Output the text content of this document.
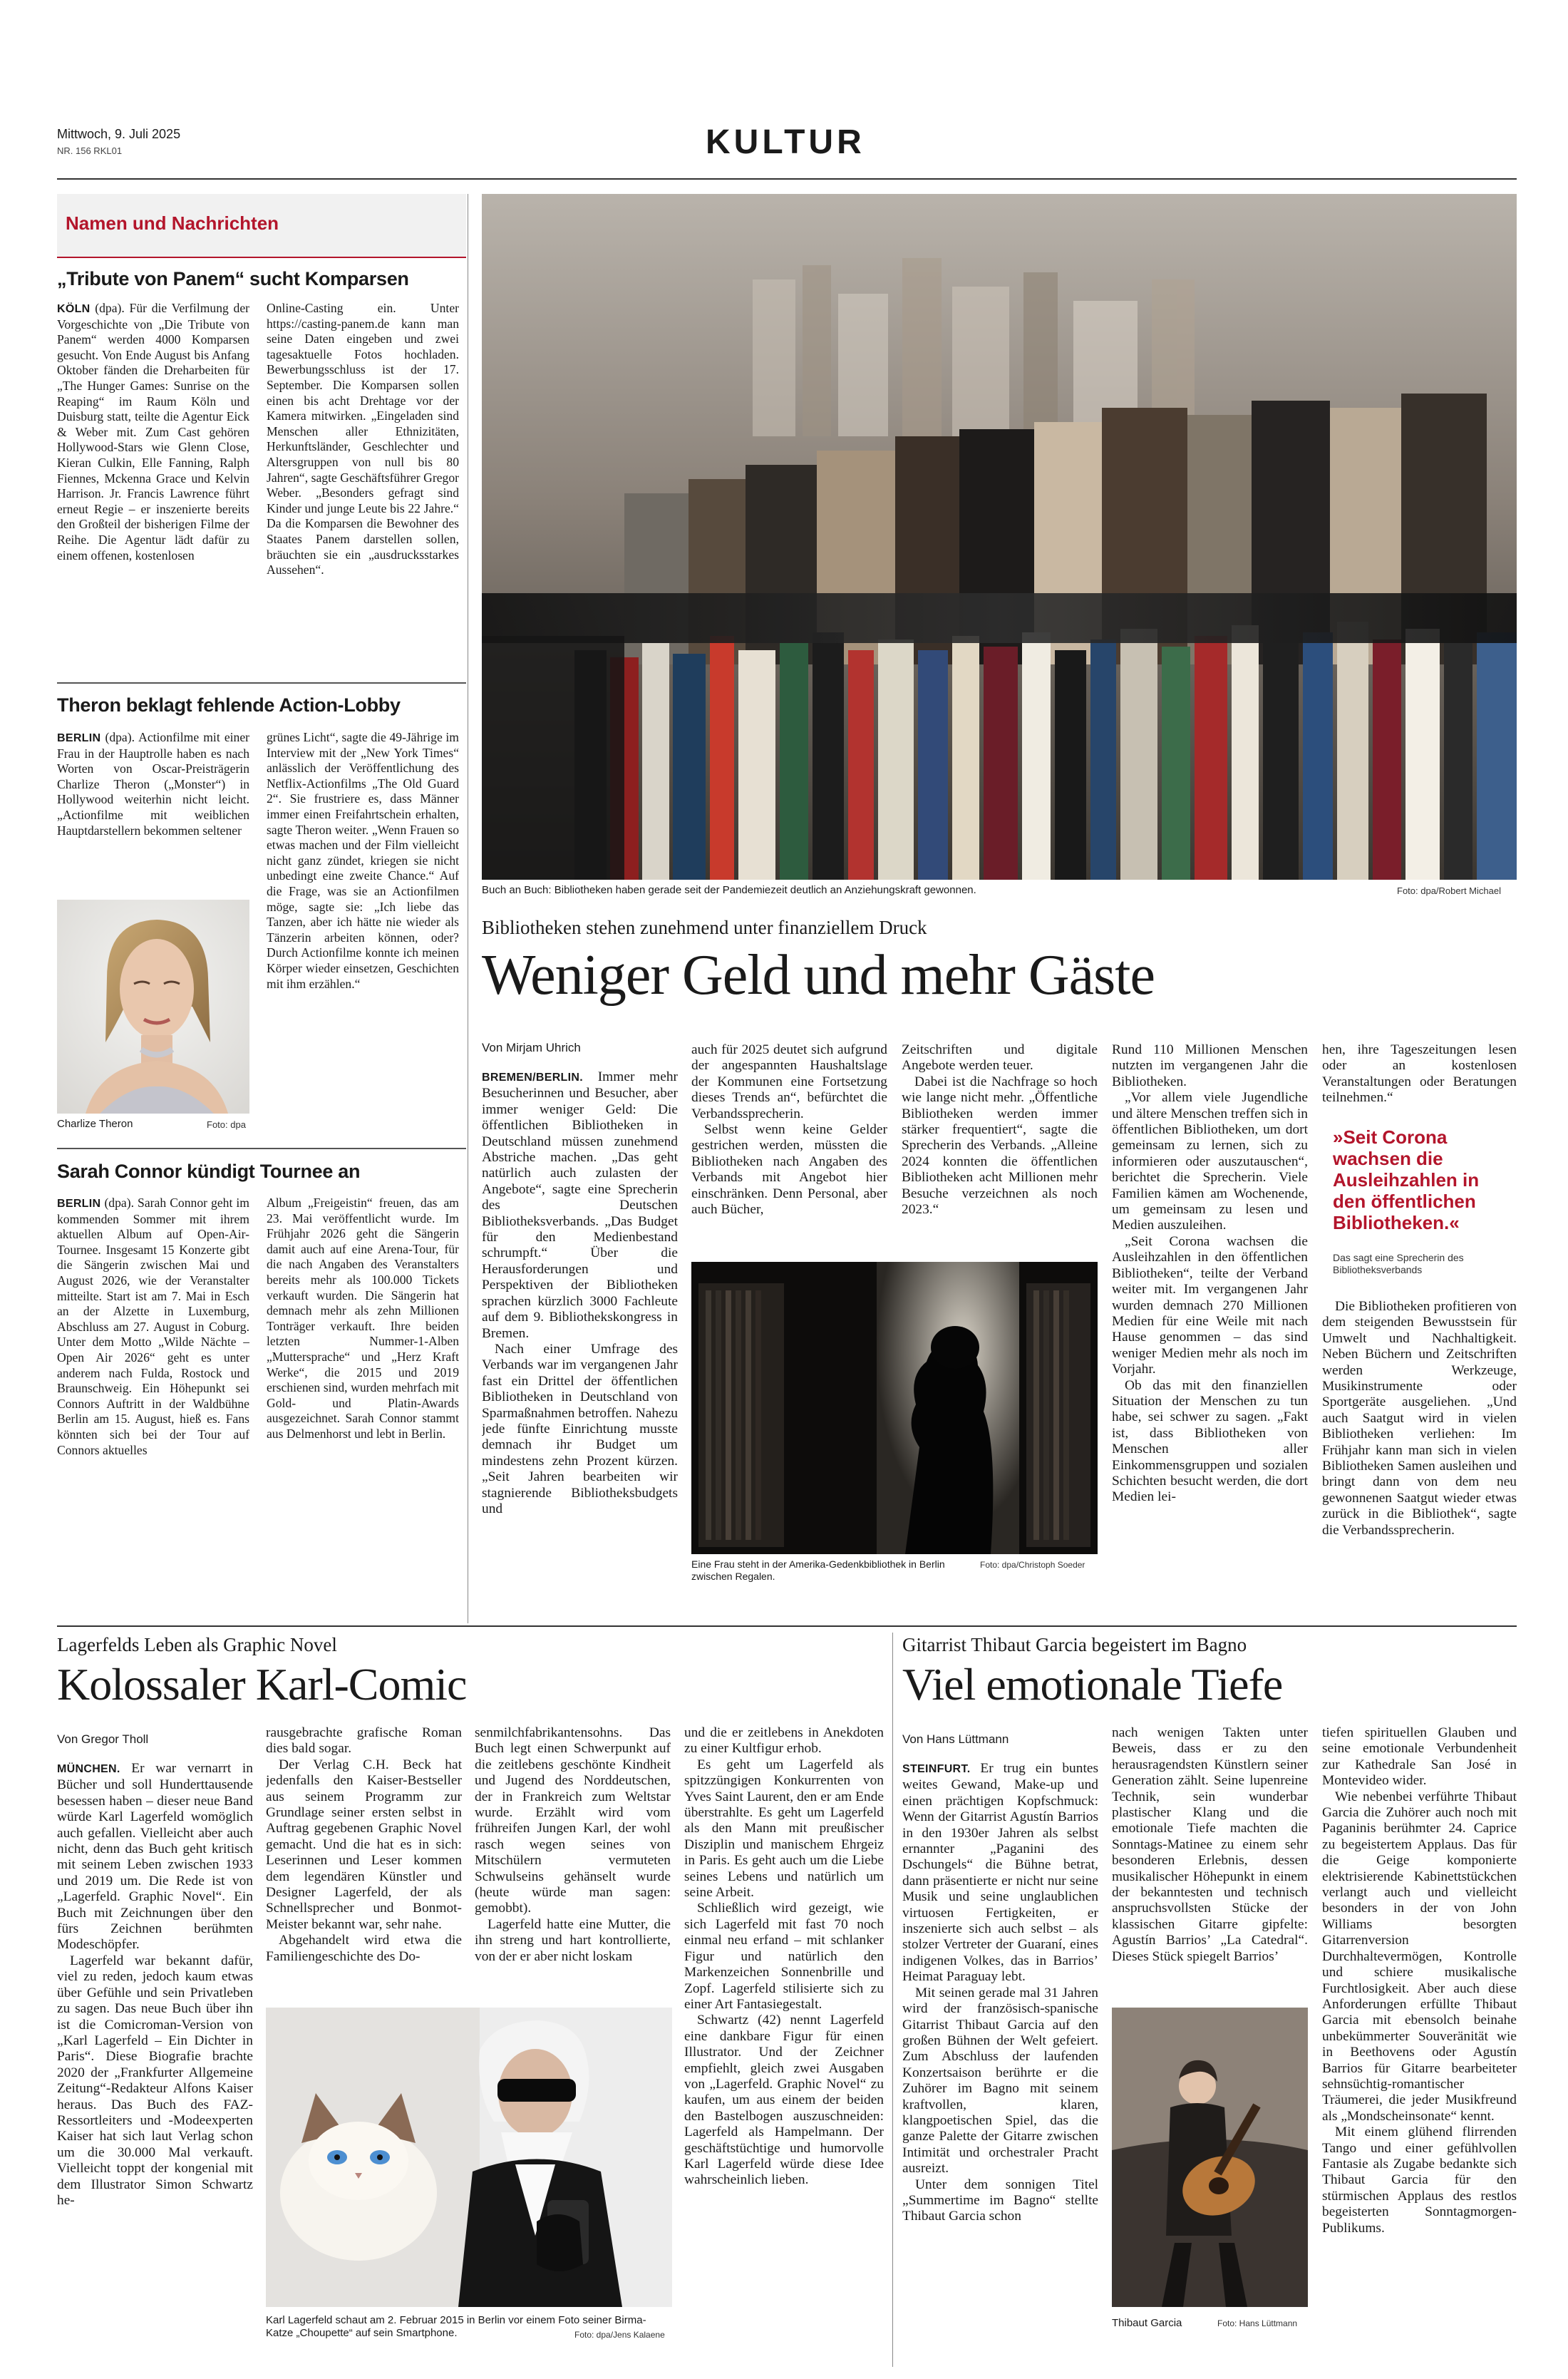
Mittwoch, 9. Juli 2025
NR. 156 RKL01	KULTUR
Namen und Nachrichten
„Tribute von Panem“ sucht Komparsen

KÖLN (dpa). Für die Verfilmung der Vorgeschichte von „Die Tribute von Panem“ werden 4000 Komparsen gesucht. Von Ende August bis Anfang Oktober fänden die Dreharbeiten für „The Hunger Games: Sunrise on the Reaping“ im Raum Köln und Duisburg statt, teilte die Agentur Eick & Weber mit. Zum Cast gehören Hollywood-Stars wie Glenn Close, Kieran Culkin, Elle Fanning, Ralph Fiennes, Mckenna Grace und Kelvin Harrison. Jr. Francis Lawrence führt erneut Regie – er inszenierte bereits den Großteil der bisherigen Filme der Reihe. Die Agentur lädt dafür zu einem offenen, kostenlosen

Online-Casting ein. Unter https://casting-panem.de kann man seine Daten eingeben und zwei tagesaktuelle Fotos hochladen. Bewerbungsschluss ist der 17. September. Die Komparsen sollen einen bis acht Drehtage vor der Kamera mitwirken. „Eingeladen sind Menschen aller Ethnizitäten, Herkunftsländer, Geschlechter und Altersgruppen von null bis 80 Jahren“, sagte Geschäftsführer Gregor Weber. „Besonders gefragt sind Kinder und junge Leute bis 22 Jahre.“ Da die Komparsen die Bewohner des Staates Panem darstellen sollen, bräuchten sie ein „ausdrucksstarkes Aussehen“.

Theron beklagt fehlende Action-Lobby

BERLIN (dpa). Actionfilme mit einer Frau in der Hauptrolle haben es nach Worten von Oscar-Preisträgerin Charlize Theron („Monster“) in Hollywood weiterhin nicht leicht. „Actionfilme mit weiblichen Hauptdarstellern bekommen seltener

Charlize Theron	Foto: dpa

grünes Licht“, sagte die 49-Jährige im Interview mit der „New York Times“ anlässlich der Veröffentlichung des Netflix-Actionfilms „The Old Guard 2“. Sie frustriere es, dass Männer immer einen Freifahrtschein erhalten, sagte Theron weiter. „Wenn Frauen so etwas machen und der Film vielleicht nicht ganz zündet, kriegen sie nicht unbedingt eine zweite Chance.“ Auf die Frage, was sie an Actionfilmen möge, sagte sie: „Ich liebe das Tanzen, aber ich hätte nie wieder als Tänzerin arbeiten können, oder? Durch Actionfilme konnte ich meinen Körper wieder einsetzen, Geschichten mit ihm erzählen.“

Sarah Connor kündigt Tournee an

BERLIN (dpa). Sarah Connor geht im kommenden Sommer mit ihrem aktuellen Album auf Open-Air-Tournee. Insgesamt 15 Konzerte gibt die Sängerin zwischen Mai und August 2026, wie der Veranstalter mitteilte. Start ist am 7. Mai in Esch an der Alzette in Luxemburg, Abschluss am 27. August in Coburg. Unter dem Motto „Wilde Nächte – Open Air 2026“ geht es unter anderem nach Fulda, Rostock und Braunschweig. Ein Höhepunkt sei Connors Auftritt in der Waldbühne Berlin am 15. August, hieß es. Fans könnten sich bei der Tour auf Connors aktuelles

Album „Freigeistin“ freuen, das am 23. Mai veröffentlicht wurde. Im Frühjahr 2026 geht die Sängerin damit auch auf eine Arena-Tour, für die nach Angaben des Veranstalters bereits mehr als 100.000 Tickets verkauft wurden. Die Sängerin hat demnach mehr als zehn Millionen Tonträger verkauft. Ihre beiden letzten Nummer-1-Alben „Muttersprache“ und „Herz Kraft Werke“, die 2015 und 2019 erschienen sind, wurden mehrfach mit Gold- und Platin-Awards ausgezeichnet. Sarah Connor stammt aus Delmenhorst und lebt in Berlin.

Buch an Buch: Bibliotheken haben gerade seit der Pandemiezeit deutlich an Anziehungskraft gewonnen.	Foto: dpa/Robert Michael
Bibliotheken stehen zunehmend unter finanziellem Druck
Weniger Geld und mehr Gäste
Von Mirjam Uhrich

BREMEN/BERLIN. Immer mehr Besucherinnen und Besucher, aber immer weniger Geld: Die öffentlichen Bibliotheken in Deutschland müssen zunehmend Abstriche machen. „Das geht natürlich auch zulasten der Angebote“, sagte eine Sprecherin des Deutschen Bibliotheksverbands. „Das Budget für den Medienbestand schrumpft.“ Über die Herausforderungen und Perspektiven der Bibliotheken sprachen kürzlich 3000 Fachleute auf dem 9. Bibliothekskongress in Bremen.

Nach einer Umfrage des Verbands war im vergangenen Jahr fast ein Drittel der öffentlichen Bibliotheken in Deutschland von Sparmaßnahmen betroffen. Nahezu jede fünfte Einrichtung musste demnach ihr Budget um mindestens zehn Prozent kürzen. „Seit Jahren bearbeiten wir stagnierende Bibliotheksbudgets und

auch für 2025 deutet sich aufgrund der angespannten Haushaltslage der Kommunen eine Fortsetzung dieses Trends an“, befürchtet die Verbandssprecherin.

Selbst wenn keine Gelder gestrichen werden, müssten die Bibliotheken nach Angaben des Verbands mit Angebot hier einschränken. Denn Personal, aber auch Bücher,

Zeitschriften und digitale Angebote werden teuer.

Dabei ist die Nachfrage so hoch wie lange nicht mehr. „Öffentliche Bibliotheken werden immer stärker frequentiert“, sagte die Sprecherin des Verbands. „Alleine 2024 konnten die öffentlichen Bibliotheken acht Millionen mehr Besuche verzeichnen als noch 2023.“

Eine Frau steht in der Amerika-Gedenkbibliothek in Berlin zwischen Regalen.
Foto: dpa/Christoph Soeder

Rund 110 Millionen Menschen nutzten im vergangenen Jahr die Bibliotheken.

„Vor allem viele Jugendliche und ältere Menschen treffen sich in öffentlichen Bibliotheken, um dort gemeinsam zu lernen, sich zu informieren oder auszutauschen“, berichtet die Sprecherin. Viele Familien kämen am Wochenende, um gemeinsam zu lesen und Medien auszuleihen.

„Seit Corona wachsen die Ausleihzahlen in den öffentlichen Bibliotheken“, teilte der Verband weiter mit. Im vergangenen Jahr wurden demnach 270 Millionen Medien für eine Weile mit nach Hause genommen – das sind weniger Medien mehr als noch im Vorjahr.

Ob das mit den finanziellen Situation der Menschen zu tun habe, sei schwer zu sagen. „Fakt ist, dass Bibliotheken von Menschen aller Einkommensgruppen und sozialen Schichten besucht werden, die dort Medien lei-

hen, ihre Tageszeitungen lesen oder an kostenlosen Veranstaltungen oder Beratungen teilnehmen.“

»Seit Corona wachsen die Ausleihzahlen in den öffentlichen Bibliotheken.«
Das sagt eine Sprecherin des Bibliotheksverbands

Die Bibliotheken profitieren von dem steigenden Bewusstsein für Umwelt und Nachhaltigkeit. Neben Büchern und Zeitschriften werden Werkzeuge, Musikinstrumente oder Sportgeräte ausgeliehen. „Und auch Saatgut wird in vielen Bibliotheken verliehen: Im Frühjahr kann man sich in vielen Bibliotheken Samen ausleihen und bringt dann von dem neu gewonnenen Saatgut wieder etwas zurück in die Bibliothek“, sagte die Verbandssprecherin.

Lagerfelds Leben als Graphic Novel
Kolossaler Karl-Comic
Von Gregor Tholl

MÜNCHEN. Er war vernarrt in Bücher und soll Hunderttausende besessen haben – dieser neue Band würde Karl Lagerfeld womöglich auch gefallen. Vielleicht aber auch nicht, denn das Buch geht kritisch mit seinem Leben zwischen 1933 und 2019 um. Die Rede ist von „Lagerfeld. Graphic Novel“. Ein Buch mit Zeichnungen über den fürs Zeichnen berühmten Modeschöpfer.

Lagerfeld war bekannt dafür, viel zu reden, jedoch kaum etwas über Gefühle und sein Privatleben zu sagen. Das neue Buch über ihn ist die Comicroman-Version von „Karl Lagerfeld – Ein Dichter in Paris“. Diese Biografie brachte 2020 der „Frankfurter Allgemeine Zeitung“-Redakteur Alfons Kaiser heraus. Das Buch des FAZ-Ressortleiters und -Modeexperten Kaiser hat sich laut Verlag schon um die 30.000 Mal verkauft. Vielleicht toppt der kongenial mit dem Illustrator Simon Schwartz he-

rausgebrachte grafische Roman dies bald sogar.

Der Verlag C.H. Beck hat jedenfalls den Kaiser-Bestseller aus seinem Programm zur Grundlage seiner ersten selbst in Auftrag gegebenen Graphic Novel gemacht. Und die hat es in sich: Leserinnen und Leser kommen dem legendären Künstler und Designer Lagerfeld, der als Schnellsprecher und Bonmot-Meister bekannt war, sehr nahe.

Abgehandelt wird etwa die Familiengeschichte des Do-

senmilchfabrikantensohns. Das Buch legt einen Schwerpunkt auf die zeitlebens geschönte Kindheit und Jugend des Norddeutschen, der in Frankreich zum Weltstar wurde. Erzählt wird vom frühreifen Jungen Karl, der wohl rasch wegen seines von Mitschülern vermuteten Schwulseins gehänselt wurde (heute würde man sagen: gemobbt).

Lagerfeld hatte eine Mutter, die ihn streng und hart kontrollierte, von der er aber nicht loskam

und die er zeitlebens in Anekdoten zu einer Kultfigur erhob.

Es geht um Lagerfeld als spitzzüngigen Konkurrenten von Yves Saint Laurent, den er am Ende überstrahlte. Es geht um Lagerfeld als den Mann mit preußischer Disziplin und manischem Ehrgeiz in Paris. Es geht auch um die Liebe seines Lebens und natürlich um seine Arbeit.

Schließlich wird gezeigt, wie sich Lagerfeld mit fast 70 noch einmal neu erfand – mit schlanker Figur und natürlich den Markenzeichen Sonnenbrille und Zopf. Lagerfeld stilisierte sich zu einer Art Fantasiegestalt.

Schwartz (42) nennt Lagerfeld eine dankbare Figur für einen Illustrator. Und der Zeichner empfiehlt, gleich zwei Ausgaben von „Lagerfeld. Graphic Novel“ zu kaufen, um aus einem der beiden den Bastelbogen auszuschneiden: Lagerfeld als Hampelmann. Der geschäftstüchtige und humorvolle Karl Lagerfeld würde diese Idee wahrscheinlich lieben.

Karl Lagerfeld schaut am 2. Februar 2015 in Berlin vor einem Foto seiner Birma-Katze „Choupette“ auf sein Smartphone.	Foto: dpa/Jens Kalaene
Gitarrist Thibaut Garcia begeistert im Bagno
Viel emotionale Tiefe
Von Hans Lüttmann

STEINFURT. Er trug ein buntes weites Gewand, Make-up und einen prächtigen Kopfschmuck: Wenn der Gitarrist Agustín Barrios in den 1930er Jahren als selbst ernannter „Paganini des Dschungels“ die Bühne betrat, dann präsentierte er nicht nur seine Musik und seine unglaublichen virtuosen Fertigkeiten, er inszenierte sich auch selbst – als stolzer Vertreter der Guaraní, eines indigenen Volkes, das in Barrios’ Heimat Paraguay lebt.

Mit seinen gerade mal 31 Jahren wird der französisch-spanische Gitarrist Thibaut Garcia auf den großen Bühnen der Welt gefeiert. Zum Abschluss der laufenden Konzertsaison berührte er die Zuhörer im Bagno mit seinem kraftvollen, klaren, klangpoetischen Spiel, das die ganze Palette der Gitarre zwischen Intimität und orchestraler Pracht ausreizt.

Unter dem sonnigen Titel „Summertime im Bagno“ stellte Thibaut Garcia schon

nach wenigen Takten unter Beweis, dass er zu den herausragendsten Künstlern seiner Generation zählt. Seine lupenreine Technik, sein wunderbar plastischer Klang und die emotionale Tiefe machten die Sonntags-Matinee zu einem sehr besonderen Erlebnis, dessen musikalischer Höhepunkt in einem der bekanntesten und technisch anspruchsvollsten Stücke der klassischen Gitarre gipfelte: Agustín Barrios’ „La Catedral“. Dieses Stück spiegelt Barrios’

Thibaut Garcia	Foto: Hans Lüttmann

tiefen spirituellen Glauben und seine emotionale Verbundenheit zur Kathedrale San José in Montevideo wider.

Wie nebenbei verführte Thibaut Garcia die Zuhörer auch noch mit Paganinis berühmter 24. Caprice zu begeistertem Applaus. Das für die Geige komponierte elektrisierende Kabinettstückchen verlangt auch und vielleicht besonders in der von John Williams besorgten Gitarrenversion Durchhaltevermögen, Kontrolle und schiere musikalische Furchtlosigkeit. Aber auch diese Anforderungen erfüllte Thibaut Garcia mit ebensolch beinahe unbekümmerter Souveränität wie in Beethovens oder Agustín Barrios für Gitarre bearbeiteter sehnsüchtig-romantischer Träumerei, die jeder Musikfreund als „Mondscheinsonate“ kennt.

Mit einem glühend flirrenden Tango und einer gefühlvollen Fantasie als Zugabe bedankte sich Thibaut Garcia für den stürmischen Applaus des restlos begeisterten Sonntagmorgen-Publikums.
